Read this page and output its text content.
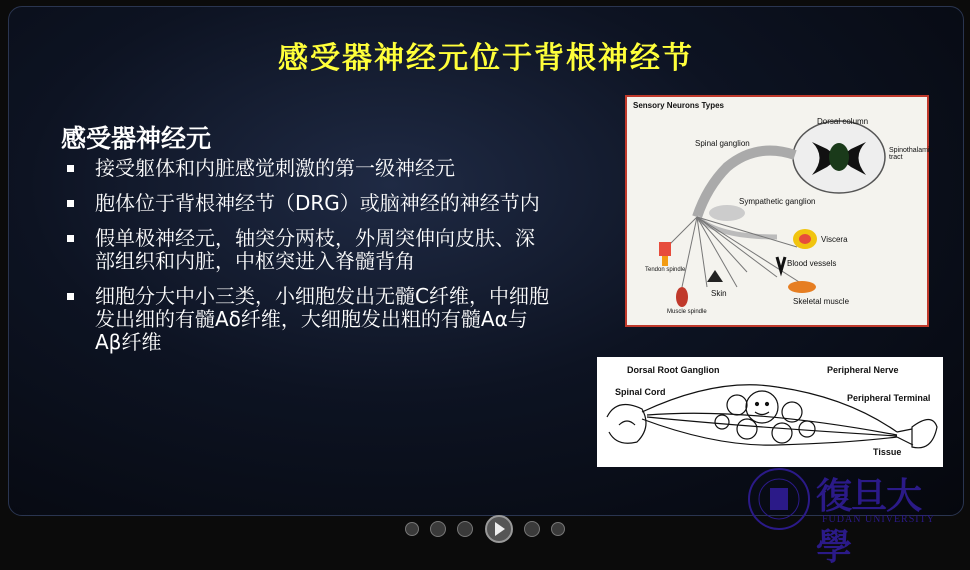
感受器神经元位于背根神经节
感受器神经元
接受躯体和内脏感觉刺激的第一级神经元
胞体位于背根神经节（DRG）或脑神经的神经节内
假单极神经元，轴突分两枝，外周突伸向皮肤、深部组织和内脏，中枢突进入脊髓背角
细胞分大中小三类，小细胞发出无髓C纤维，中细胞发出细的有髓Aδ纤维，大细胞发出粗的有髓Aα与Aβ纤维
Sensory Neurons Types
Spinal ganglion
Dorsal column
Spinothalamic tract
Sympathetic ganglion
Viscera
Blood vessels
Skeletal muscle
Tendon spindle
Skin
Muscle spindle
Dorsal Root Ganglion	Peripheral Nerve
Spinal Cord
Peripheral Terminal
Tissue
復旦大學
FUDAN UNIVERSITY
